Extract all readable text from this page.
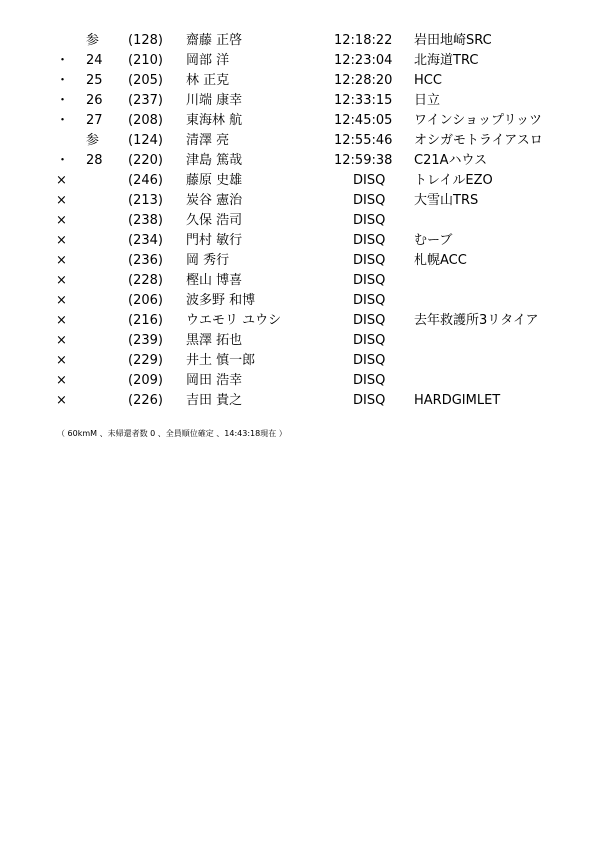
参 (128) 齋藤 正啓	12:18:22 岩田地崎SRC
・ 24 (210) 岡部 洋	12:23:04 北海道TRC
・ 25 (205) 林 正克	12:28:20 HCC
・ 26 (237) 川端 康幸	12:33:15 日立
・ 27 (208) 東海林 航	12:45:05 ワインショップリッツ
参 (124) 清澤 亮	12:55:46 オシガモトライアスロ
・ 28 (220) 津島 篤哉	12:59:38 C21Aハウス
×	(246) 藤原 史雄	DISQ トレイルEZO
×	(213) 炭谷 憲治	DISQ 大雪山TRS
×	(238) 久保 浩司	DISQ
×	(234) 門村 敏行	DISQ むーブ
×	(236) 岡 秀行	DISQ 札幌ACC
×	(228) 樫山 博喜	DISQ
×	(206) 波多野 和博	DISQ
×	(216) ウエモリ ユウシ	DISQ 去年救護所3リタイア
×	(239) 黒澤 拓也	DISQ
×	(229) 井土 慎一郎	DISQ
×	(209) 岡田 浩幸	DISQ
×	(226) 吉田 貴之	DISQ HARDGIMLET
（ 60kmM 、未帰還者数 0 、全員順位確定 、14:43:18現在 ）
